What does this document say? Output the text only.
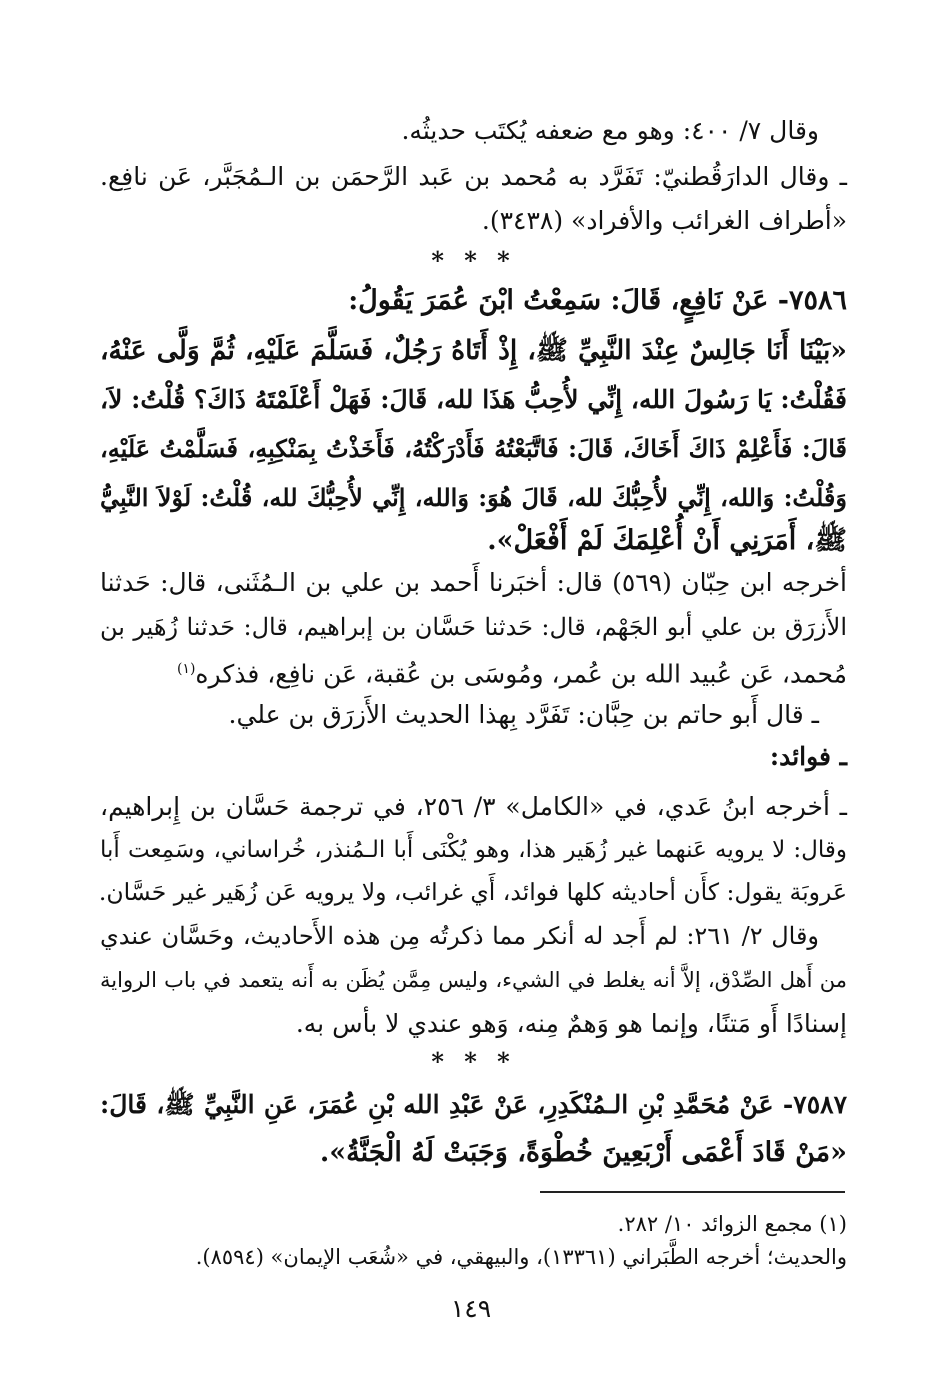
وقال ٧/ ٤٠٠: وهو مع ضعفه يُكتَب حديثُه.
ـ وقال الدارَقُطنيّ: تَفَرَّد به مُحمد بن عَبد الرَّحمَن بن الـمُجَبَّر، عَن نافِع.
«أطراف الغرائب والأفراد» (٣٤٣٨).
* * *
٧٥٨٦- عَنْ نَافِعٍ، قَالَ: سَمِعْتُ ابْنَ عُمَرَ يَقُولُ:
«بَيْنَا أَنَا جَالِسٌ عِنْدَ النَّبِيِّ ﷺ، إِذْ أَتَاهُ رَجُلٌ، فَسَلَّمَ عَلَيْهِ، ثُمَّ وَلَّى عَنْهُ،
فَقُلْتُ: يَا رَسُولَ الله، إِنِّي لأُحِبُّ هَذَا لله، قَالَ: فَهَلْ أَعْلَمْتَهُ ذَاكَ؟ قُلْتُ: لاَ،
قَالَ: فَأَعْلِمْ ذَاكَ أَخَاكَ، قَالَ: فَاتَّبَعْتُهُ فَأَدْرَكْتُهُ، فَأَخَذْتُ بِمَنْكِبِهِ، فَسَلَّمْتُ عَلَيْهِ،
وَقُلْتُ: وَالله، إِنِّي لأُحِبُّكَ لله، قَالَ هُوَ: وَالله، إِنِّي لأُحِبُّكَ لله، قُلْتُ: لَوْلاَ النَّبِيُّ
ﷺ، أَمَرَنِي أَنْ أُعْلِمَكَ لَمْ أَفْعَلْ».
أخرجه ابن حِبّان (٥٦٩) قال: أخبَرنا أَحمد بن علي بن الـمُثَنى، قال: حَدثنا
الأَزرَق بن علي أبو الجَهْم، قال: حَدثنا حَسَّان بن إبراهيم، قال: حَدثنا زُهَير بن
مُحمد، عَن عُبيد الله بن عُمر، ومُوسَى بن عُقبة، عَن نافِع، فذكره$^{(١)}$
ـ قال أَبو حاتم بن حِبَّان: تَفَرَّد بِهذا الحديث الأَزرَق بن علي.
ـ فوائد:
ـ أخرجه ابنُ عَدي، في «الكامل» ٣/ ٢٥٦، في ترجمة حَسَّان بن إِبراهيم،
وقال: لا يرويه عَنهما غير زُهَير هذا، وهو يُكْنَى أَبا الـمُنذر، خُراساني، وسَمِعت أَبا
عَروبَة يقول: كأَن أحاديثه كلها فوائد، أَي غرائب، ولا يرويه عَن زُهَير غير حَسَّان.
وقال ٢/ ٢٦١: لم أَجد له أنكر مما ذكرتُه مِن هذه الأَحاديث، وحَسَّان عندي
من أَهل الصِّدْق، إلاَّ أنه يغلط في الشيء، وليس مِمَّن يُظَن به أَنه يتعمد في باب الرواية
إسنادًا أَو مَتنًا، وإنما هو وَهمٌ مِنه، وَهو عندي لا بأس به.
* * *
٧٥٨٧- عَنْ مُحَمَّدِ بْنِ الـمُنْكَدِرِ، عَنْ عَبْدِ الله بْنِ عُمَرَ، عَنِ النَّبِيِّ ﷺ، قَالَ:
«مَنْ قَادَ أَعْمَى أَرْبَعِينَ خُطْوَةً، وَجَبَتْ لَهُ الْجَنَّةُ».
(١) مجمع الزوائد ١٠/ ٢٨٢.
والحديث؛ أخرجه الطَّبَراني (١٣٣٦١)، والبيهقي، في «شُعَب الإيمان» (٨٥٩٤).
١٤٩
